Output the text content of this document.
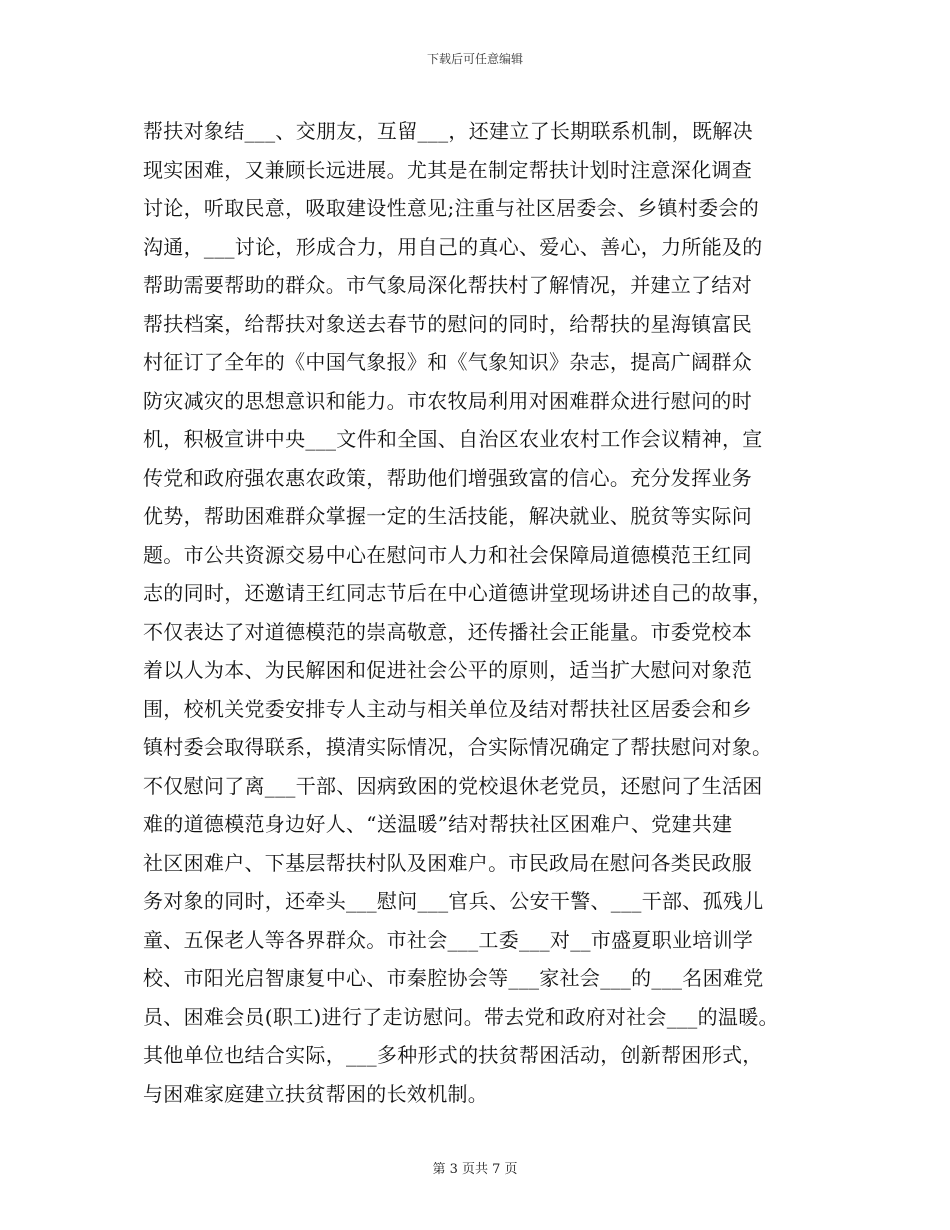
下载后可任意编辑
帮扶对象结___、交朋友，互留___，还建立了长期联系机制，既解决
现实困难，又兼顾长远进展。尤其是在制定帮扶计划时注意深化调查
讨论，听取民意，吸取建设性意见;注重与社区居委会、乡镇村委会的
沟通，___讨论，形成合力，用自己的真心、爱心、善心，力所能及的
帮助需要帮助的群众。市气象局深化帮扶村了解情况，并建立了结对
帮扶档案，给帮扶对象送去春节的慰问的同时，给帮扶的星海镇富民
村征订了全年的《中国气象报》和《气象知识》杂志，提高广阔群众
防灾减灾的思想意识和能力。市农牧局利用对困难群众进行慰问的时
机，积极宣讲中央___文件和全国、自治区农业农村工作会议精神，宣
传党和政府强农惠农政策，帮助他们增强致富的信心。充分发挥业务
优势，帮助困难群众掌握一定的生活技能，解决就业、脱贫等实际问
题。市公共资源交易中心在慰问市人力和社会保障局道德模范王红同
志的同时，还邀请王红同志节后在中心道德讲堂现场讲述自己的故事，
不仅表达了对道德模范的崇高敬意，还传播社会正能量。市委党校本
着以人为本、为民解困和促进社会公平的原则，适当扩大慰问对象范
围，校机关党委安排专人主动与相关单位及结对帮扶社区居委会和乡
镇村委会取得联系，摸清实际情况，合实际情况确定了帮扶慰问对象。
不仅慰问了离___干部、因病致困的党校退休老党员，还慰问了生活困
难的道德模范身边好人、“送温暖”结对帮扶社区困难户、党建共建
社区困难户、下基层帮扶村队及困难户。市民政局在慰问各类民政服
务对象的同时，还牵头___慰问___官兵、公安干警、___干部、孤残儿
童、五保老人等各界群众。市社会___工委___对__市盛夏职业培训学
校、市阳光启智康复中心、市秦腔协会等___家社会___的___名困难党
员、困难会员(职工)进行了走访慰问。带去党和政府对社会___的温暖。
其他单位也结合实际，___多种形式的扶贫帮困活动，创新帮困形式，
与困难家庭建立扶贫帮困的长效机制。
第 3 页共 7 页
